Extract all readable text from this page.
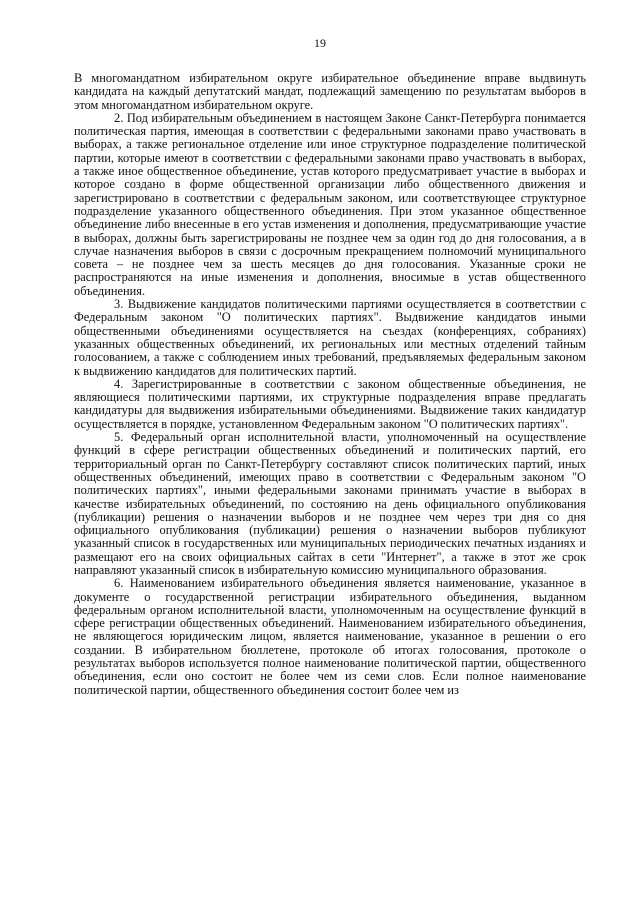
19

В многомандатном избирательном округе избирательное объединение вправе выдвинуть кандидата на каждый депутатский мандат, подлежащий замещению по результатам выборов в этом многомандатном избирательном округе.

2. Под избирательным объединением в настоящем Законе Санкт-Петербурга понимается политическая партия, имеющая в соответствии с федеральными законами право участвовать в выборах, а также региональное отделение или иное структурное подразделение политической партии, которые имеют в соответствии с федеральными законами право участвовать в выборах, а также иное общественное объединение, устав которого предусматривает участие в выборах и которое создано в форме общественной организации либо общественного движения и зарегистрировано в соответствии с федеральным законом, или соответствующее структурное подразделение указанного общественного объединения. При этом указанное общественное объединение либо внесенные в его устав изменения и дополнения, предусматривающие участие в выборах, должны быть зарегистрированы не позднее чем за один год до дня голосования, а в случае назначения выборов в связи с досрочным прекращением полномочий муниципального совета – не позднее чем за шесть месяцев до дня голосования. Указанные сроки не распространяются на иные изменения и дополнения, вносимые в устав общественного объединения.

3. Выдвижение кандидатов политическими партиями осуществляется в соответствии с Федеральным законом "О политических партиях". Выдвижение кандидатов иными общественными объединениями осуществляется на съездах (конференциях, собраниях) указанных общественных объединений, их региональных или местных отделений тайным голосованием, а также с соблюдением иных требований, предъявляемых федеральным законом к выдвижению кандидатов для политических партий.

4. Зарегистрированные в соответствии с законом общественные объединения, не являющиеся политическими партиями, их структурные подразделения вправе предлагать кандидатуры для выдвижения избирательными объединениями. Выдвижение таких кандидатур осуществляется в порядке, установленном Федеральным законом "О политических партиях".

5. Федеральный орган исполнительной власти, уполномоченный на осуществление функций в сфере регистрации общественных объединений и политических партий, его территориальный орган по Санкт-Петербургу составляют список политических партий, иных общественных объединений, имеющих право в соответствии с Федеральным законом "О политических партиях", иными федеральными законами принимать участие в выборах в качестве избирательных объединений, по состоянию на день официального опубликования (публикации) решения о назначении выборов и не позднее чем через три дня со дня официального опубликования (публикации) решения о назначении выборов публикуют указанный список в государственных или муниципальных периодических печатных изданиях и размещают его на своих официальных сайтах в сети "Интернет", а также в этот же срок направляют указанный список в избирательную комиссию муниципального образования.

6. Наименованием избирательного объединения является наименование, указанное в документе о государственной регистрации избирательного объединения, выданном федеральным органом исполнительной власти, уполномоченным на осуществление функций в сфере регистрации общественных объединений. Наименованием избирательного объединения, не являющегося юридическим лицом, является наименование, указанное в решении о его создании. В избирательном бюллетене, протоколе об итогах голосования, протоколе о результатах выборов используется полное наименование политической партии, общественного объединения, если оно состоит не более чем из семи слов. Если полное наименование политической партии, общественного объединения состоит более чем из
